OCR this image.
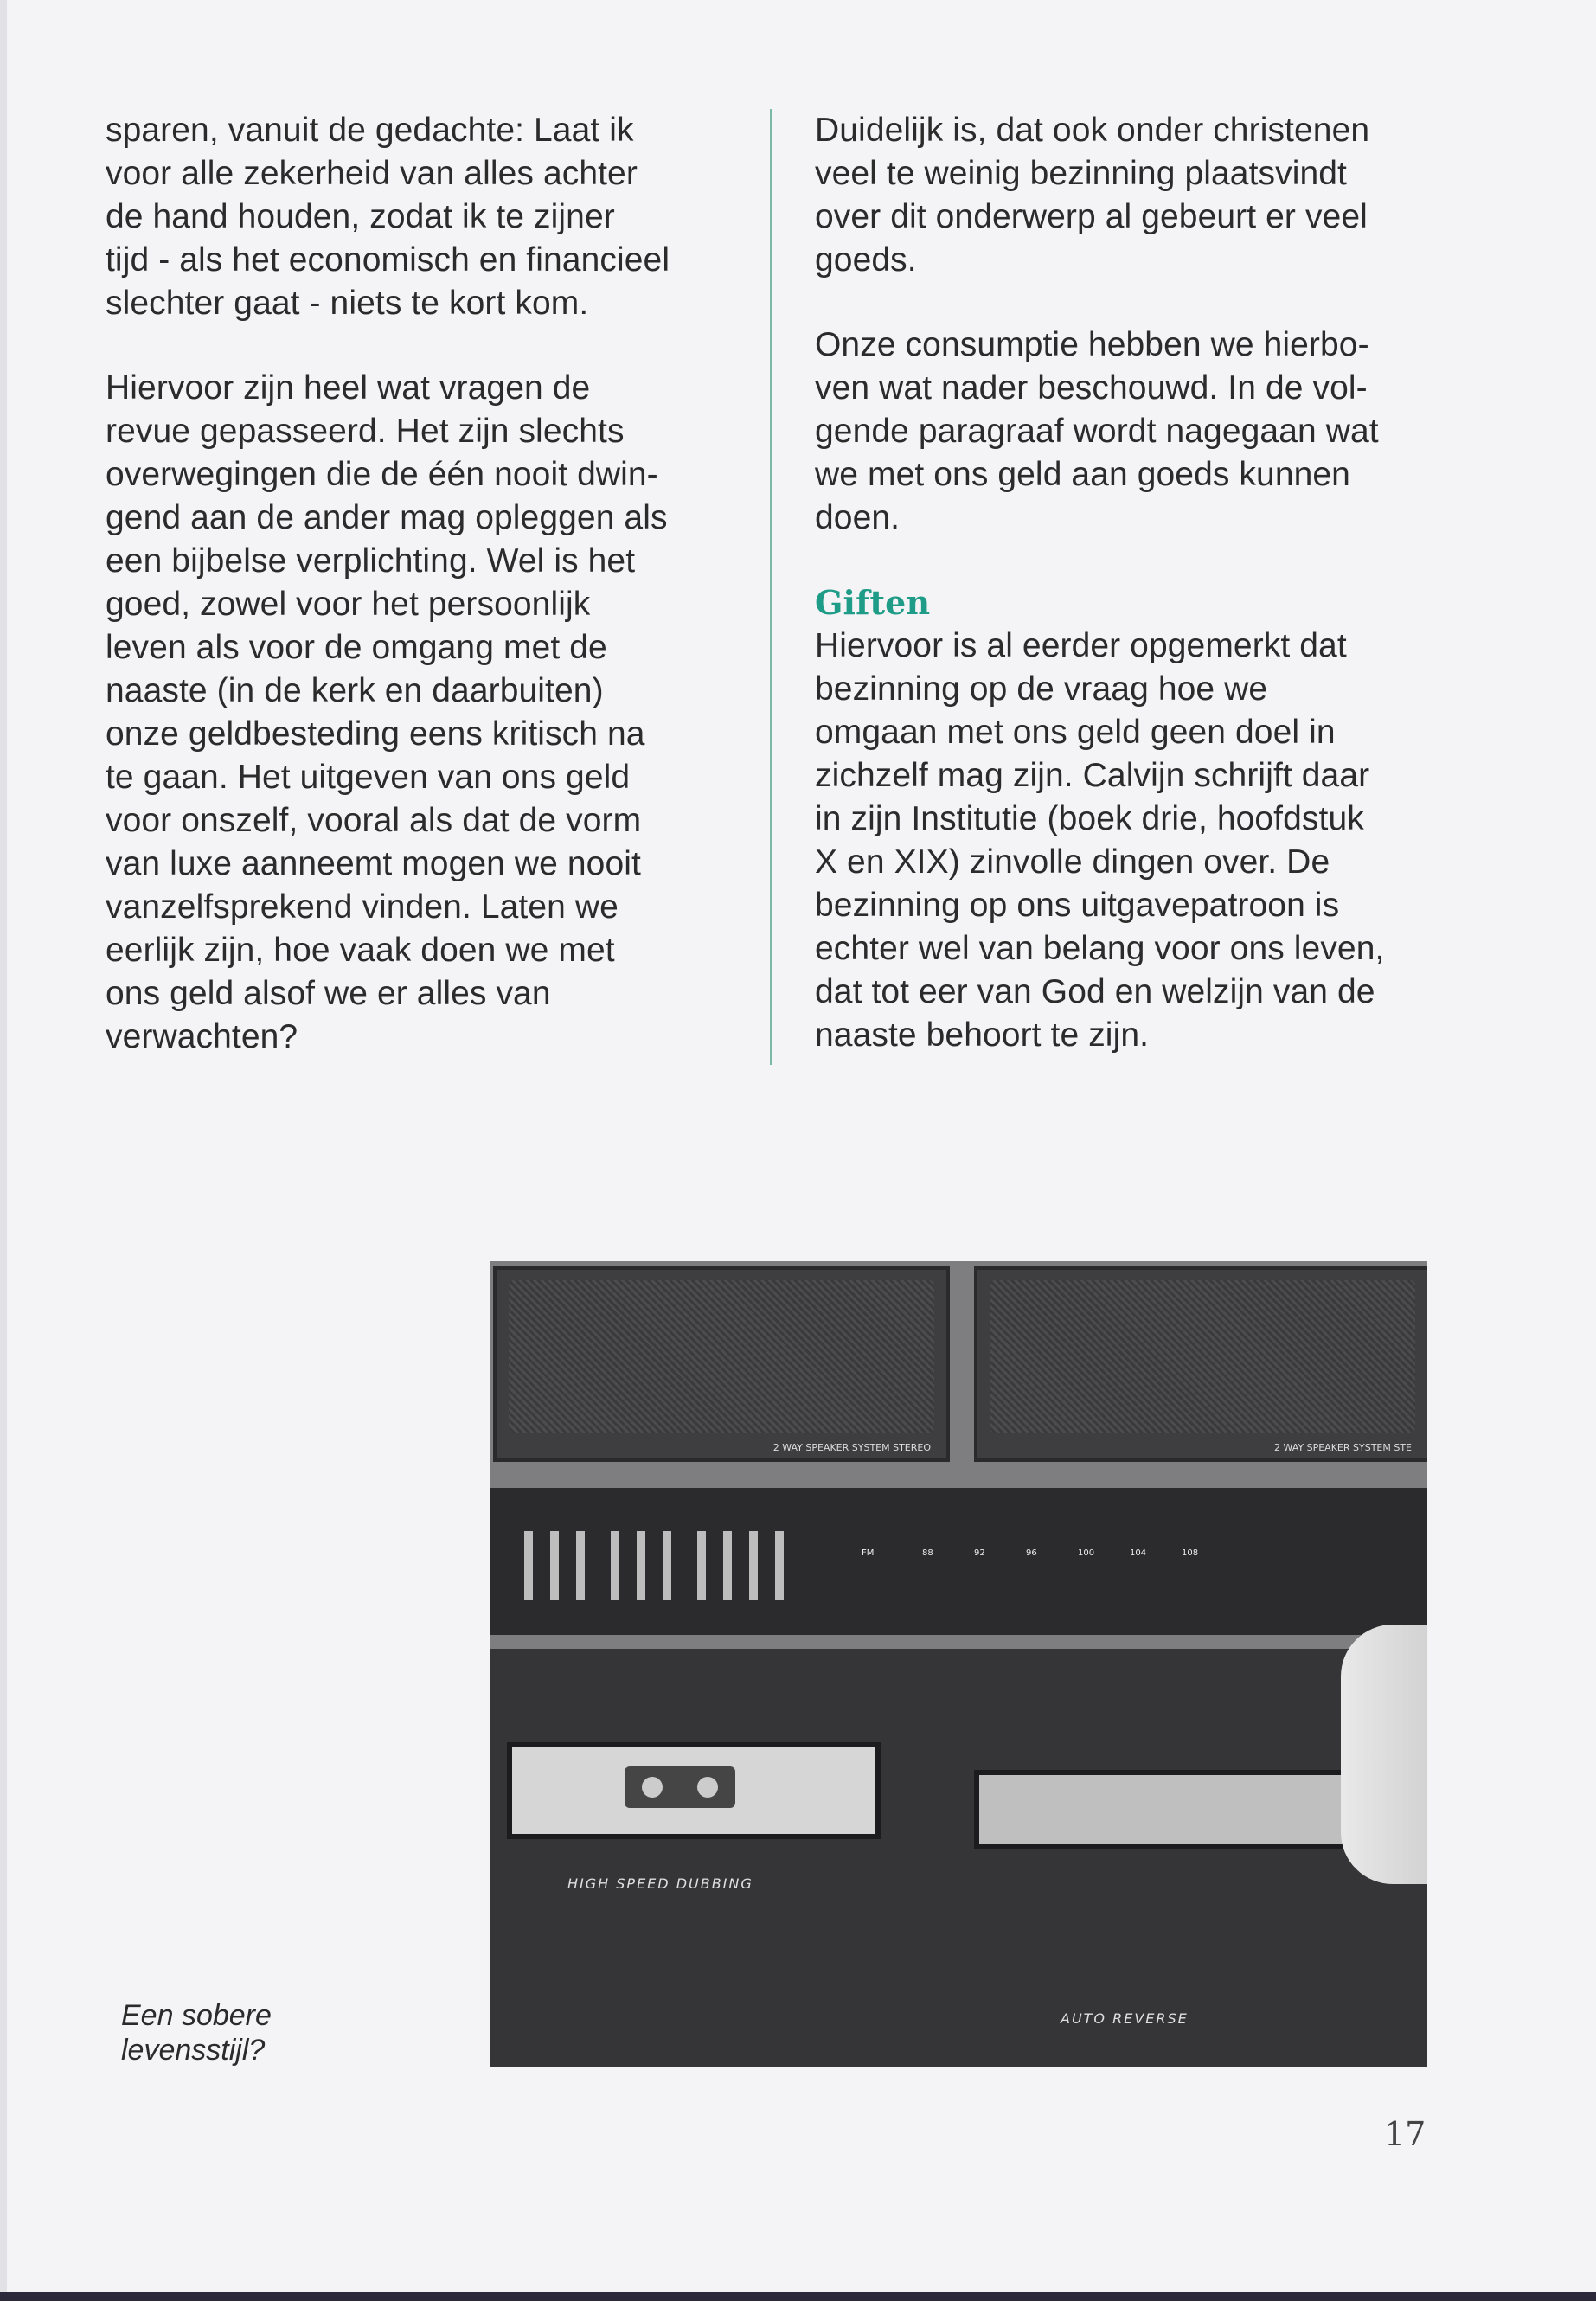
sparen, vanuit de gedachte: Laat ik
voor alle zekerheid van alles achter
de hand houden, zodat ik te zijner
tijd - als het economisch en financieel
slechter gaat - niets te kort kom.

Hiervoor zijn heel wat vragen de
revue gepasseerd. Het zijn slechts
overwegingen die de één nooit dwin-
gend aan de ander mag opleggen als
een bijbelse verplichting. Wel is het
goed, zowel voor het persoonlijk
leven als voor de omgang met de
naaste (in de kerk en daarbuiten)
onze geldbesteding eens kritisch na
te gaan. Het uitgeven van ons geld
voor onszelf, vooral als dat de vorm
van luxe aanneemt mogen we nooit
vanzelfsprekend vinden. Laten we
eerlijk zijn, hoe vaak doen we met
ons geld alsof we er alles van
verwachten?

Duidelijk is, dat ook onder christenen
veel te weinig bezinning plaatsvindt
over dit onderwerp al gebeurt er veel
goeds.

Onze consumptie hebben we hierbo-
ven wat nader beschouwd. In de vol-
gende paragraaf wordt nagegaan wat
we met ons geld aan goeds kunnen
doen.

Giften

Hiervoor is al eerder opgemerkt dat
bezinning op de vraag hoe we
omgaan met ons geld geen doel in
zichzelf mag zijn. Calvijn schrijft daar
in zijn Institutie (boek drie, hoofdstuk
X en XIX) zinvolle dingen over. De
bezinning op ons uitgavepatroon is
echter wel van belang voor ons leven,
dat tot eer van God en welzijn van de
naaste behoort te zijn.

2 WAY SPEAKER SYSTEM STEREO	2 WAY SPEAKER SYSTEM STE
FM	88	92	96	100	104	108
HIGH SPEED DUBBING
AUTO REVERSE

Een sobere
levensstijl?

17
